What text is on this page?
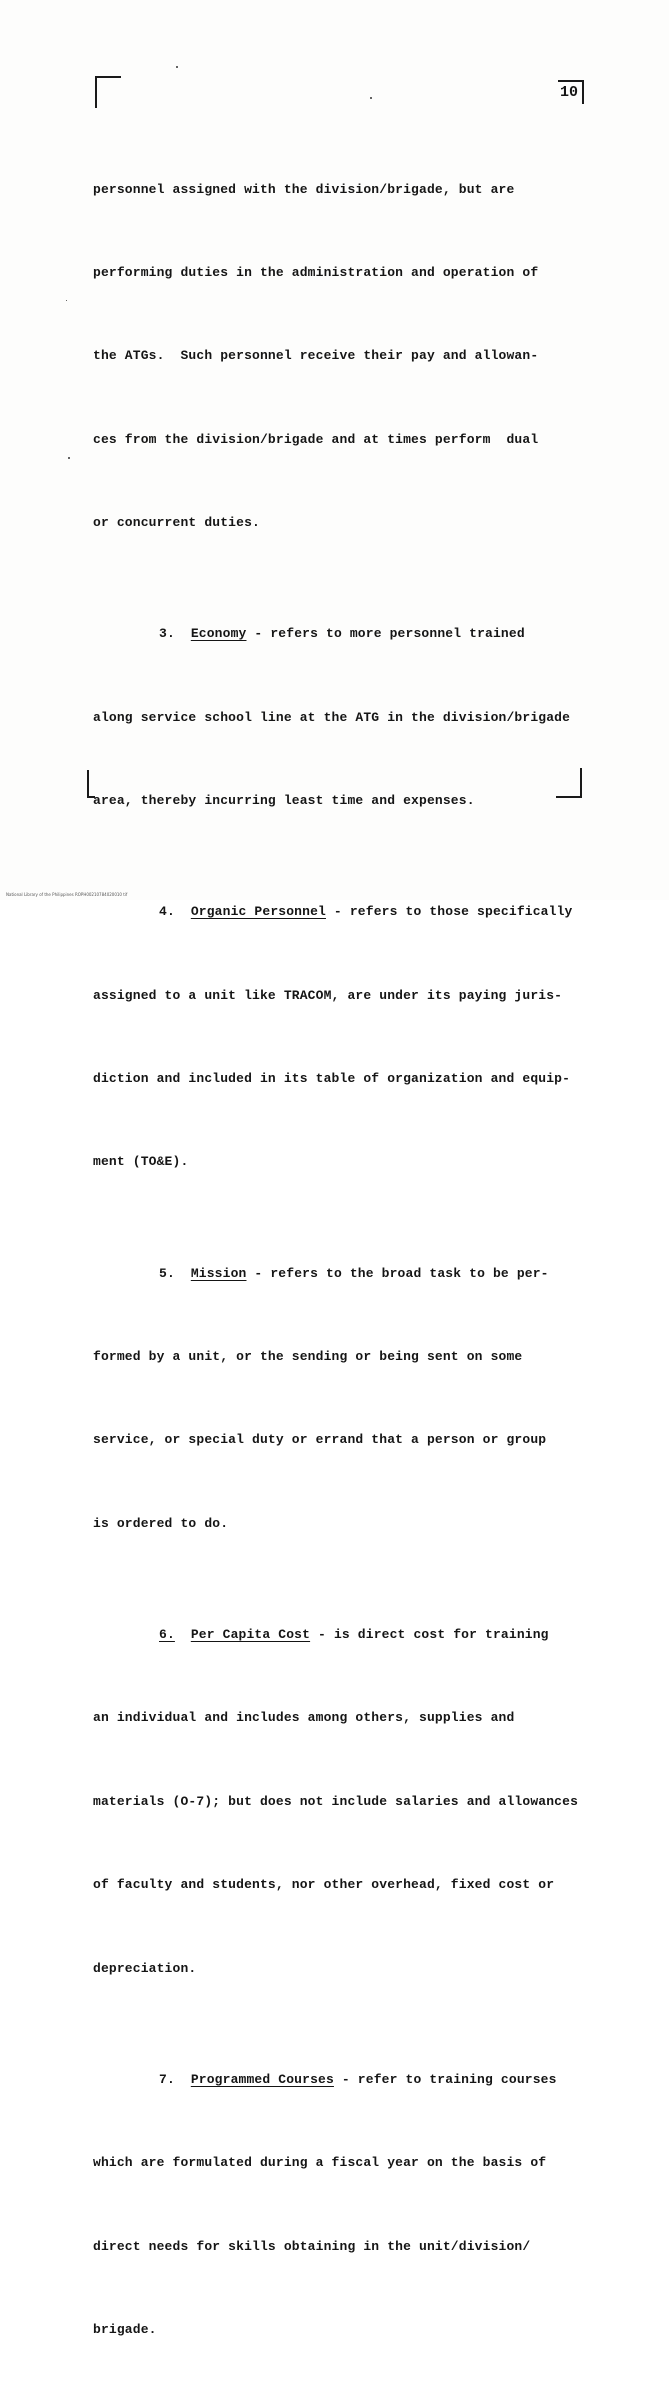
10

personnel assigned with the division/brigade, but are

performing duties in the administration and operation of

the ATGs.  Such personnel receive their pay and allowan-

ces from the division/brigade and at times perform  dual

or concurrent duties.

3. Economy - refers to more personnel trained

along service school line at the ATG in the division/brigade

area, thereby incurring least time and expenses.

4. Organic Personnel - refers to those specifically

assigned to a unit like TRACOM, are under its paying juris-

diction and included in its table of organization and equip-

ment (TO&E).

5. Mission - refers to the broad task to be per-

formed by a unit, or the sending or being sent on some

service, or special duty or errand that a person or group

is ordered to do.

6. Per Capita Cost - is direct cost for training

an individual and includes among others, supplies and

materials (O-7); but does not include salaries and allowances

of faculty and students, nor other overhead, fixed cost or

depreciation.

7. Programmed Courses - refer to training courses

which are formulated during a fiscal year on the basis of

direct needs for skills obtaining in the unit/division/

brigade.

National Library of the Philippines ROPH00210784020010 tif
